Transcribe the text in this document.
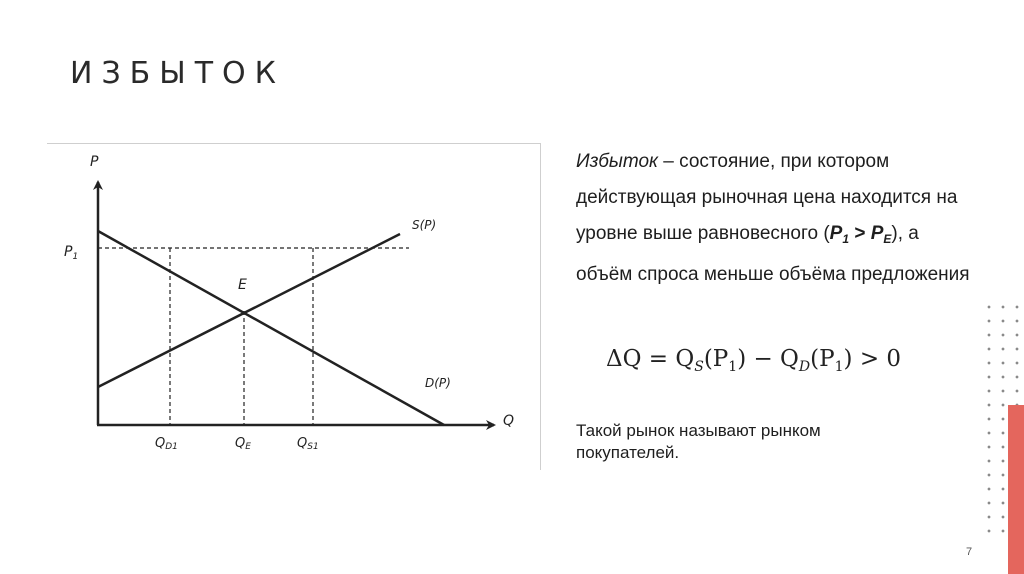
ИЗБЫТОК
P
Q
$P_1$
E
S(P)
D(P)
QD1	QE	QS1
Избыток – состояние, при котором действующая рыночная цена находится на уровне выше равновесного $(P_1 > P_E)$, а объём спроса меньше объёма предложения
$\Delta Q = Q_S(P_1) - Q_D(P_1) > 0$
Такой рынок называют рынком покупателей.
7
